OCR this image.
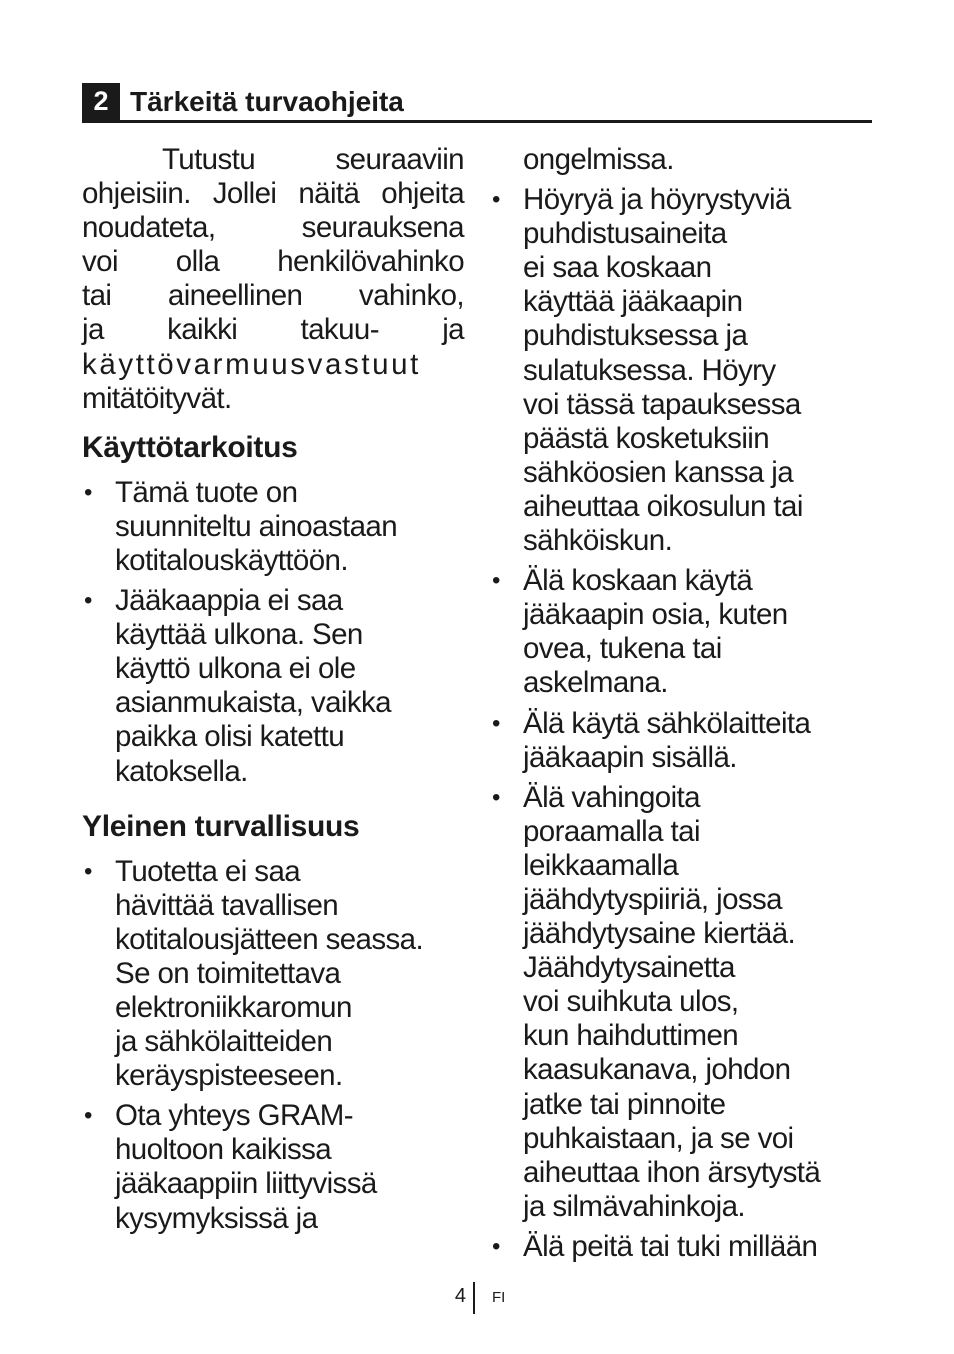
2 Tärkeitä turvaohjeita
Tutustu seuraaviin
ohjeisiin. Jollei näitä ohjeita
noudateta, seurauksena
voi olla henkilövahinko
tai aineellinen vahinko,
ja kaikki takuu- ja
käyttövarmuusvastuut
mitätöityvät.
Käyttötarkoitus
• Tämä tuote on
suunniteltu ainoastaan
kotitalouskäyttöön.
• Jääkaappia ei saa
käyttää ulkona. Sen
käyttö ulkona ei ole
asianmukaista, vaikka
paikka olisi katettu
katoksella.
Yleinen turvallisuus
• Tuotetta ei saa
hävittää tavallisen
kotitalousjätteen seassa.
Se on toimitettava
elektroniikkaromun
ja sähkölaitteiden
keräyspisteeseen.
• Ota yhteys GRAM-
huoltoon kaikissa
jääkaappiin liittyvissä
kysymyksissä ja
ongelmissa.
• Höyryä ja höyrystyviä
puhdistusaineita
ei saa koskaan
käyttää jääkaapin
puhdistuksessa ja
sulatuksessa. Höyry
voi tässä tapauksessa
päästä kosketuksiin
sähköosien kanssa ja
aiheuttaa oikosulun tai
sähköiskun.
• Älä koskaan käytä
jääkaapin osia, kuten
ovea, tukena tai
askelmana.
• Älä käytä sähkölaitteita
jääkaapin sisällä.
• Älä vahingoita
poraamalla tai
leikkaamalla
jäähdytyspiiriä, jossa
jäähdytysaine kiertää.
Jäähdytysainetta
voi suihkuta ulos,
kun haihduttimen
kaasukanava, johdon
jatke tai pinnoite
puhkaistaan, ja se voi
aiheuttaa ihon ärsytystä
ja silmävahinkoja.
• Älä peitä tai tuki millään
4 FI
